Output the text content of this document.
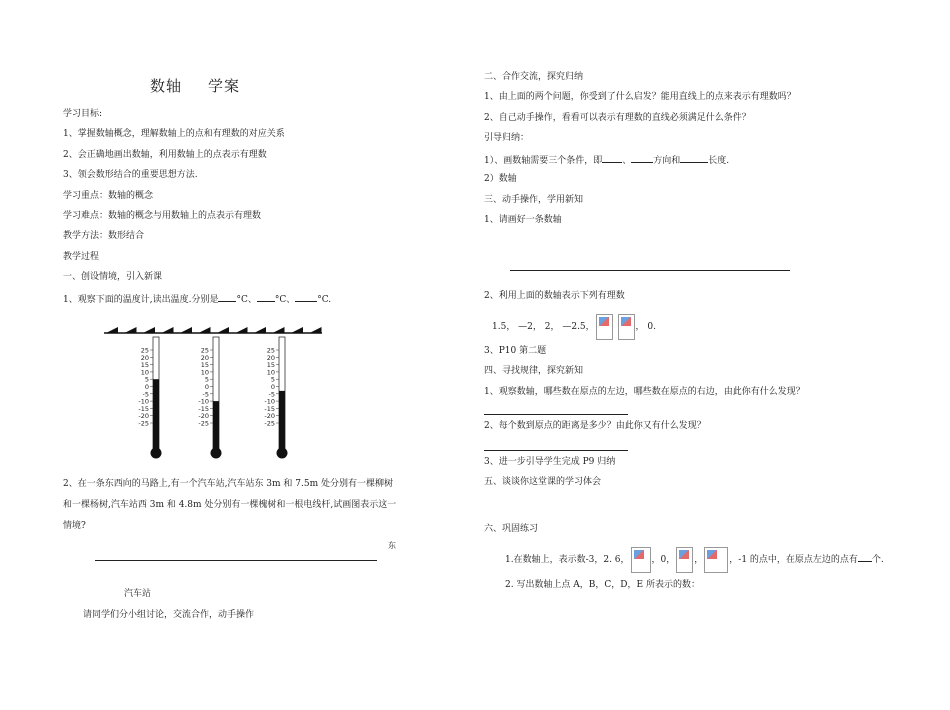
数轴 学案
学习目标:
1、掌握数轴概念，理解数轴上的点和有理数的对应关系
2、会正确地画出数轴，利用数轴上的点表示有理数
3、领会数形结合的重要思想方法.
学习重点：数轴的概念
学习难点：数轴的概念与用数轴上的点表示有理数
教学方法：数形结合
教学过程
一、创设情境，引入新课
1、观察下面的温度计,读出温度.分别是 °C、 °C、 °C.
25
20
15
10
5
0
-5
-10
-15
-20
-25
25
20
15
10
5
0
-5
-10
-15
-20
-25
25
20
15
10
5
0
-5
-10
-15
-20
-25
2、在一条东西向的马路上,有一个汽车站,汽车站东 3m 和 7.5m 处分别有一棵柳树
和一棵杨树,汽车站西 3m 和 4.8m 处分别有一棵槐树和一根电线杆,试画图表示这一
情境?
东
汽车站
请同学们分小组讨论，交流合作，动手操作
二、合作交流，探究归纳
1、由上面的两个问题，你受到了什么启发？能用直线上的点来表示有理数吗？
2、自己动手操作，看看可以表示有理数的直线必须满足什么条件？
引导归纳：
1）、画数轴需要三个条件，即 、 方向和	长度.
2）数轴
三、动手操作，学用新知
1、请画好一条数轴
2、利用上面的数轴表示下列有理数
1.5， —2， 2， —2.5，	， 0.
3、P10 第二题
四、寻找规律，探究新知
1、观察数轴，哪些数在原点的左边，哪些数在原点的右边，由此你有什么发现？
2、每个数到原点的距离是多少？由此你又有什么发现？
3、进一步引导学生完成 P9 归纳
五、谈谈你这堂课的学习体会
六、巩固练习
1.在数轴上，表示数-3，2. 6， ，0， ，	，-1 的点中，在原点左边的点有 个.
2. 写出数轴上点 A，B，C，D，E 所表示的数：
